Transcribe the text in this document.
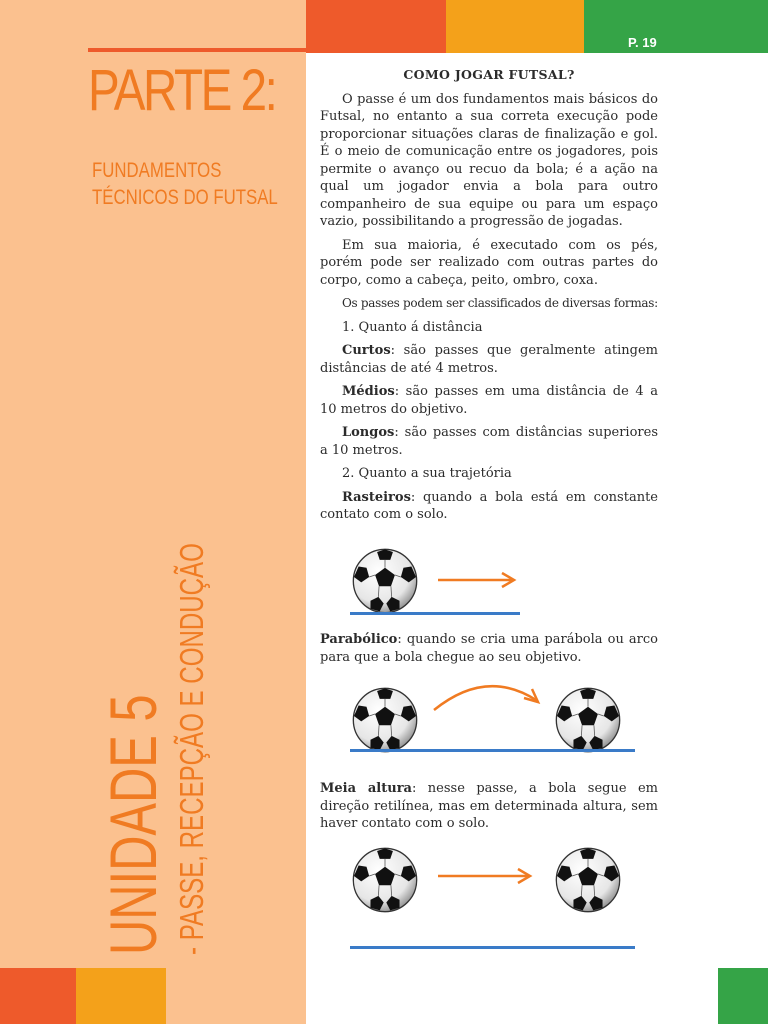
P. 19
PARTE 2:
FUNDAMENTOS
TÉCNICOS DO FUTSAL
UNIDADE 5 - PASSE, RECEPÇÃO E CONDUÇÃO
COMO JOGAR FUTSAL?

O passe é um dos fundamentos mais básicos do Futsal, no entanto a sua correta execução pode proporcionar situações claras de finalização e gol. É o meio de comunicação entre os jogadores, pois permite o avanço ou recuo da bola; é a ação na qual um jogador envia a bola para outro companheiro de sua equipe ou para um espaço vazio, possibilitando a progressão de jogadas.

Em sua maioria, é executado com os pés, porém pode ser realizado com outras partes do corpo, como a cabeça, peito, ombro, coxa.

Os passes podem ser classificados de diversas formas:

1. Quanto á distância

Curtos: são passes que geralmente atingem distâncias de até 4 metros.

Médios: são passes em uma distância de 4 a 10 metros do objetivo.

Longos: são passes com distâncias superiores a 10 metros.

2. Quanto a sua trajetória

Rasteiros: quando a bola está em constante contato com o solo.

Parabólico: quando se cria uma parábola ou arco para que a bola chegue ao seu objetivo.

Meia altura: nesse passe, a bola segue em direção retilínea, mas em determinada altura, sem haver contato com o solo.
